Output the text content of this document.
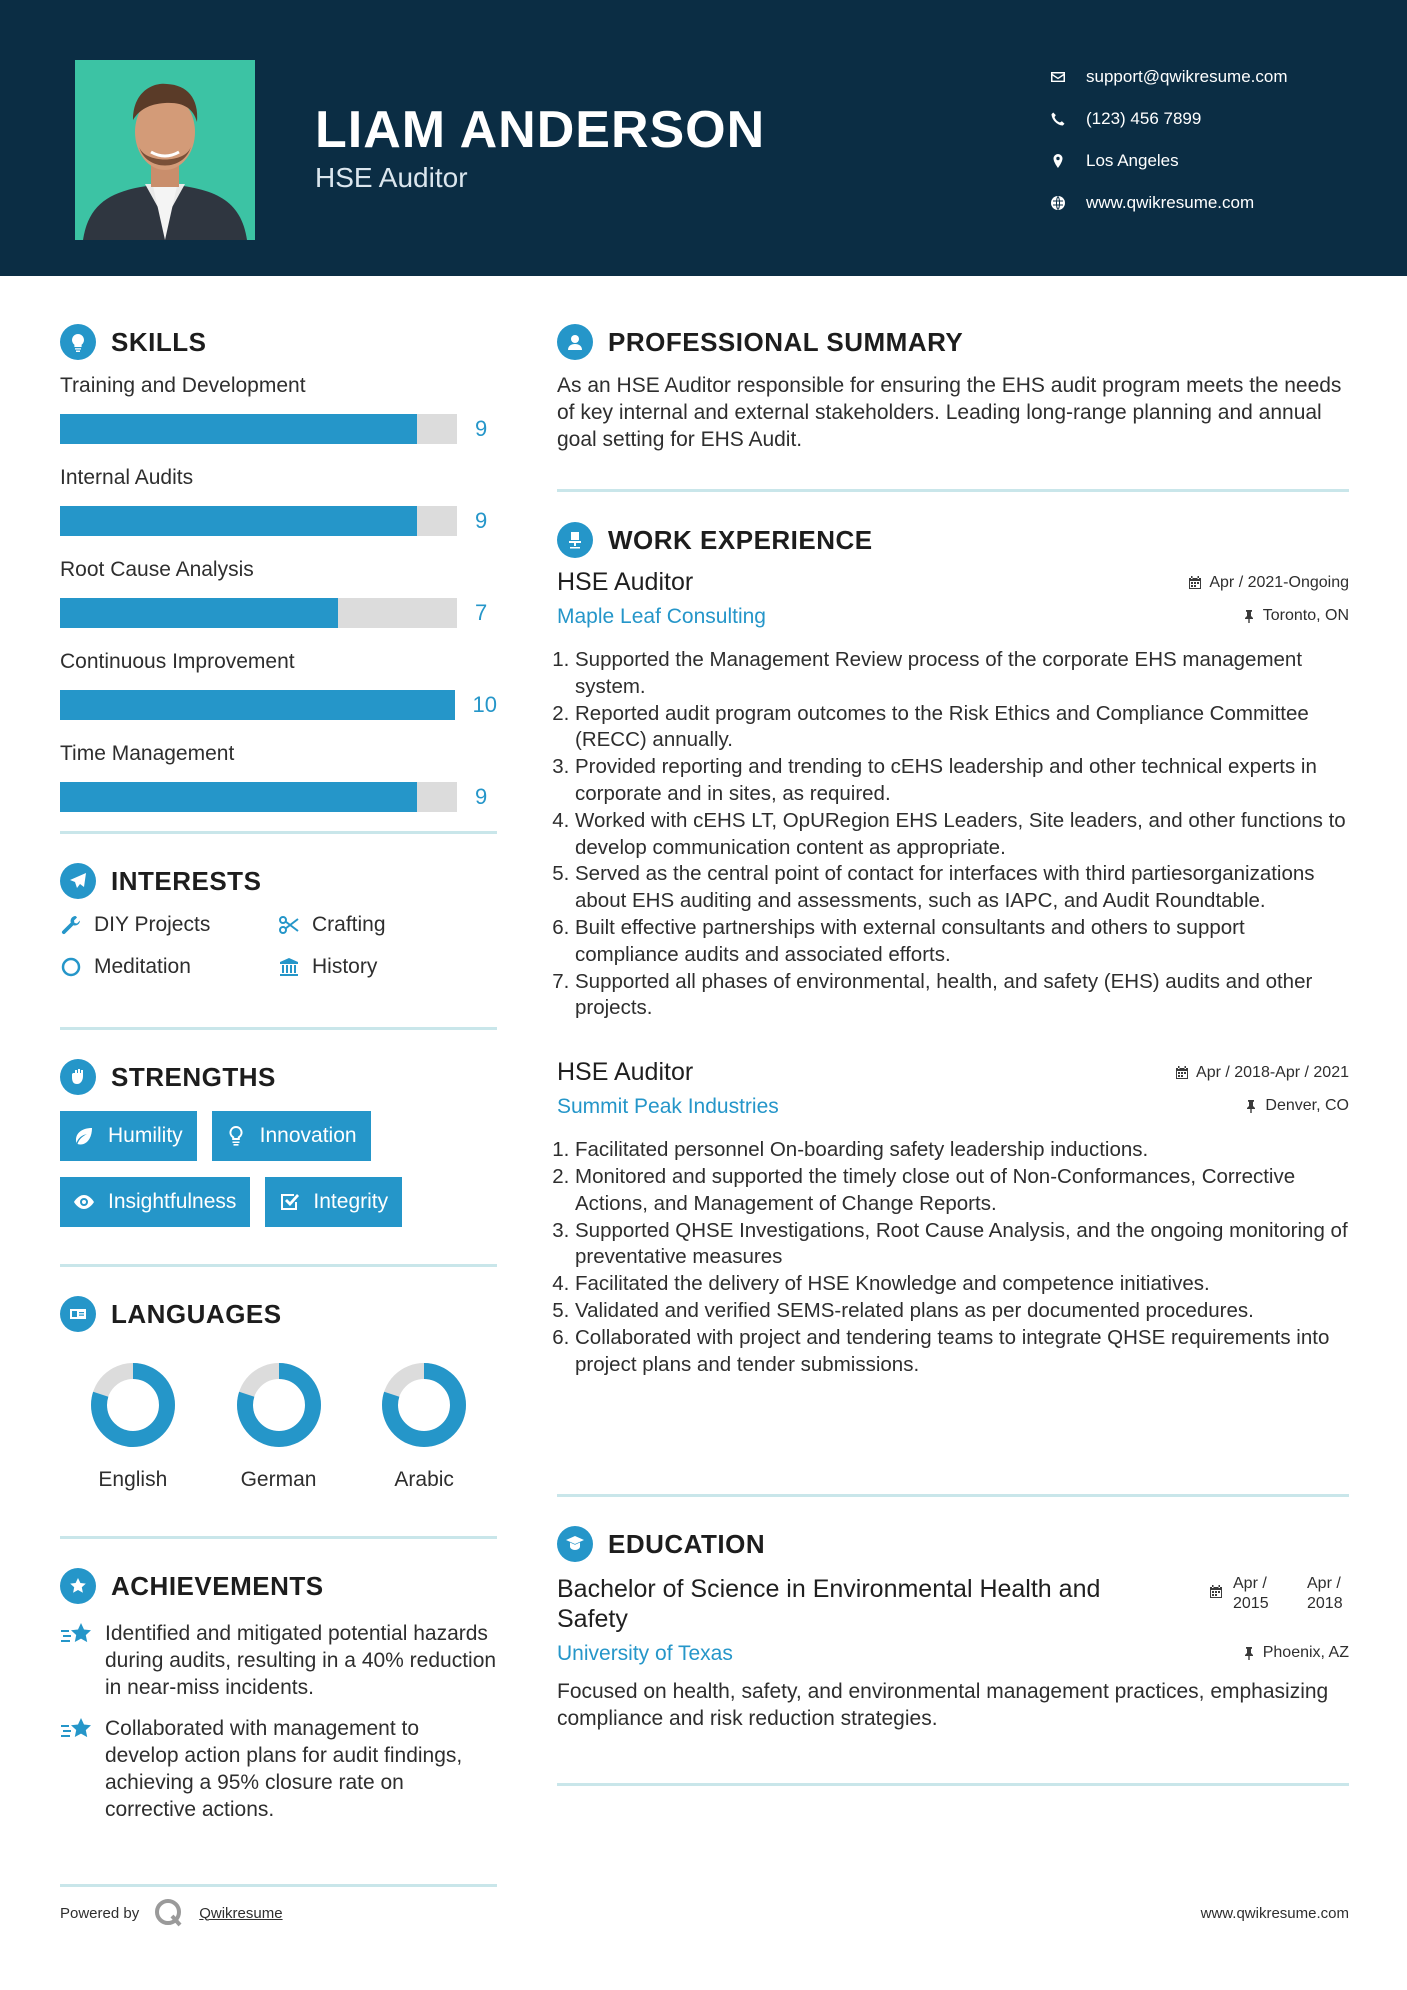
LIAM ANDERSON
HSE Auditor
support@qwikresume.com
(123) 456 7899
Los Angeles
www.qwikresume.com
SKILLS
Training and Development
9
Internal Audits
9
Root Cause Analysis
7
Continuous Improvement
10
Time Management
9
INTERESTS
DIY Projects	Crafting
Meditation	History
STRENGTHS
Humility	Innovation
Insightfulness	Integrity
LANGUAGES
English	German	Arabic
ACHIEVEMENTS
Identified and mitigated potential hazards during audits, resulting in a 40% reduction in near-miss incidents.
Collaborated with management to develop action plans for audit findings, achieving a 95% closure rate on corrective actions.
PROFESSIONAL SUMMARY
As an HSE Auditor responsible for ensuring the EHS audit program meets the needs of key internal and external stakeholders. Leading long-range planning and annual goal setting for EHS Audit.
WORK EXPERIENCE
HSE Auditor	Apr / 2021-Ongoing
Maple Leaf Consulting	Toronto, ON
1. Supported the Management Review process of the corporate EHS management system.
2. Reported audit program outcomes to the Risk Ethics and Compliance Committee (RECC) annually.
3. Provided reporting and trending to cEHS leadership and other technical experts in corporate and in sites, as required.
4. Worked with cEHS LT, OpURegion EHS Leaders, Site leaders, and other functions to develop communication content as appropriate.
5. Served as the central point of contact for interfaces with third partiesorganizations about EHS auditing and assessments, such as IAPC, and Audit Roundtable.
6. Built effective partnerships with external consultants and others to support compliance audits and associated efforts.
7. Supported all phases of environmental, health, and safety (EHS) audits and other projects.
HSE Auditor	Apr / 2018-Apr / 2021
Summit Peak Industries	Denver, CO
1. Facilitated personnel On-boarding safety leadership inductions.
2. Monitored and supported the timely close out of Non-Conformances, Corrective Actions, and Management of Change Reports.
3. Supported QHSE Investigations, Root Cause Analysis, and the ongoing monitoring of preventative measures
4. Facilitated the delivery of HSE Knowledge and competence initiatives.
5. Validated and verified SEMS-related plans as per documented procedures.
6. Collaborated with project and tendering teams to integrate QHSE requirements into project plans and tender submissions.
EDUCATION
Bachelor of Science in Environmental Health and Safety
Apr /
2015
Apr /
2018
University of Texas	Phoenix, AZ
Focused on health, safety, and environmental management practices, emphasizing compliance and risk reduction strategies.
Powered by	Qwikresume	www.qwikresume.com
